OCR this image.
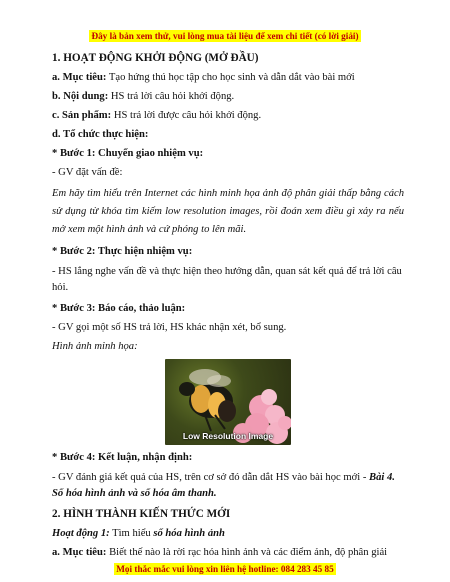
Đây là bản xem thử, vui lòng mua tài liệu để xem chi tiết (có lời giải)

1. HOẠT ĐỘNG KHỞI ĐỘNG (MỞ ĐẦU)

a. Mục tiêu: Tạo hứng thú học tập cho học sinh và dẫn dắt vào bài mới

b. Nội dung: HS trả lời câu hỏi khởi động.

c. Sản phẩm: HS trả lời được câu hỏi khởi động.

d. Tổ chức thực hiện:

* Bước 1: Chuyển giao nhiệm vụ:

- GV đặt vấn đề:

Em hãy tìm hiểu trên Internet các hình minh họa ảnh độ phân giải thấp bằng cách sử dụng từ khóa tìm kiếm low resolution images, rồi đoán xem điều gì xảy ra nếu mở xem một hình ảnh và cứ phóng to lên mãi.

* Bước 2: Thực hiện nhiệm vụ:

- HS lắng nghe vấn đề và thực hiện theo hướng dẫn, quan sát kết quả để trả lời câu hỏi.

* Bước 3: Báo cáo, thảo luận:

- GV gọi một số HS trả lời, HS khác nhận xét, bổ sung.

Hình ảnh minh họa:

Low Resolution Image

* Bước 4: Kết luận, nhận định:

- GV đánh giá kết quả của HS, trên cơ sở đó dẫn dắt HS vào bài học mới - Bài 4. Số hóa hình ảnh và số hóa âm thanh.

2. HÌNH THÀNH KIẾN THỨC MỚI

Hoạt động 1: Tìm hiểu số hóa hình ảnh

a. Mục tiêu: Biết thế nào là rời rạc hóa hình ảnh và các điểm ảnh, độ phân giải

Mọi thắc mắc vui lòng xin liên hệ hotline: 084 283 45 85
